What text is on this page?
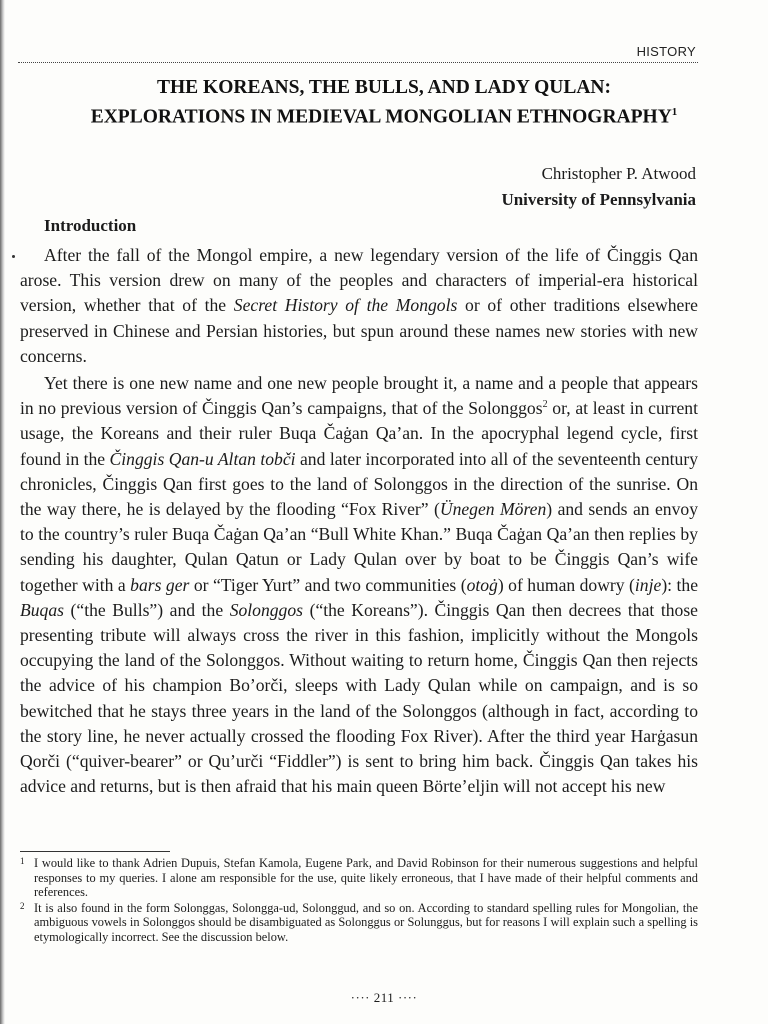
HISTORY
THE KOREANS, THE BULLS, AND LADY QULAN:
EXPLORATIONS IN MEDIEVAL MONGOLIAN ETHNOGRAPHY$^1$
Christopher P. Atwood
University of Pennsylvania
Introduction

After the fall of the Mongol empire, a new legendary version of the life of Činggis Qan arose. This version drew on many of the peoples and characters of imperial-era historical version, whether that of the Secret History of the Mongols or of other traditions elsewhere preserved in Chinese and Persian histories, but spun around these names new stories with new concerns.

Yet there is one new name and one new people brought it, a name and a people that appears in no previous version of Činggis Qan’s campaigns, that of the Solonggos$^2$ or, at least in current usage, the Koreans and their ruler Buqa Čaġan Qa’an. In the apocryphal legend cycle, first found in the Činggis Qan-u Altan tobči and later incorporated into all of the seventeenth century chronicles, Činggis Qan first goes to the land of Solonggos in the direction of the sunrise. On the way there, he is delayed by the flooding “Fox River” (Ünegen Mören) and sends an envoy to the country’s ruler Buqa Čaġan Qa’an “Bull White Khan.” Buqa Čaġan Qa’an then replies by sending his daughter, Qulan Qatun or Lady Qulan over by boat to be Činggis Qan’s wife together with a bars ger or “Tiger Yurt” and two communities (otoġ) of human dowry (inje): the Buqas (“the Bulls”) and the Solonggos (“the Koreans”). Činggis Qan then decrees that those presenting tribute will always cross the river in this fashion, implicitly without the Mongols occupying the land of the Solonggos. Without waiting to return home, Činggis Qan then rejects the advice of his champion Bo’orči, sleeps with Lady Qulan while on campaign, and is so bewitched that he stays three years in the land of the Solonggos (although in fact, according to the story line, he never actually crossed the flooding Fox River). After the third year Harġasun Qorči (“quiver-bearer” or Qu’urči “Fiddler”) is sent to bring him back. Činggis Qan takes his advice and returns, but is then afraid that his main queen Börte’eljin will not accept his new

1 I would like to thank Adrien Dupuis, Stefan Kamola, Eugene Park, and David Robinson for their numerous suggestions and helpful responses to my queries. I alone am responsible for the use, quite likely erroneous, that I have made of their helpful comments and references.
2 It is also found in the form Solonggas, Solongga-ud, Solonggud, and so on. According to standard spelling rules for Mongolian, the ambiguous vowels in Solonggos should be disambiguated as Solonggus or Solunggus, but for reasons I will explain such a spelling is etymologically incorrect. See the discussion below.
···· 211 ····
